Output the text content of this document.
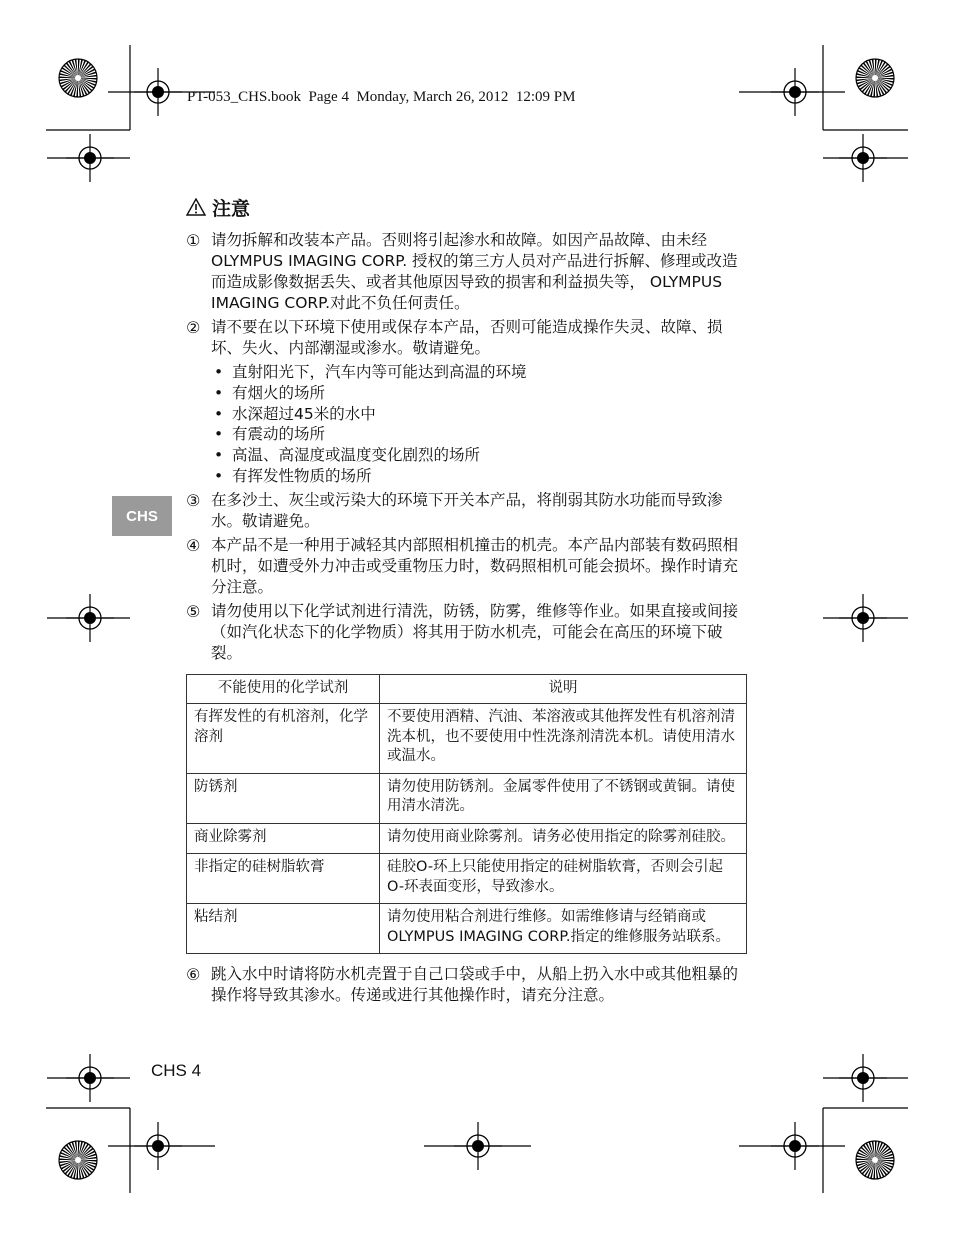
PT-053_CHS.book  Page 4  Monday, March 26, 2012  12:09 PM
CHS
注意
① 请勿拆解和改装本产品。否则将引起渗水和故障。如因产品故障、由未经OLYMPUS IMAGING CORP. 授权的第三方人员对产品进行拆解、修理或改造而造成影像数据丢失、或者其他原因导致的损害和利益损失等， OLYMPUS IMAGING CORP.对此不负任何责任。
② 请不要在以下环境下使用或保存本产品，否则可能造成操作失灵、故障、损坏、失火、内部潮湿或渗水。敬请避免。
• 直射阳光下，汽车内等可能达到高温的环境
• 有烟火的场所
• 水深超过45米的水中
• 有震动的场所
• 高温、高湿度或温度变化剧烈的场所
• 有挥发性物质的场所
③ 在多沙土、灰尘或污染大的环境下开关本产品，将削弱其防水功能而导致渗水。敬请避免。
④ 本产品不是一种用于减轻其内部照相机撞击的机壳。本产品内部装有数码照相机时，如遭受外力冲击或受重物压力时，数码照相机可能会损坏。操作时请充分注意。
⑤ 请勿使用以下化学试剂进行清洗，防锈，防雾，维修等作业。如果直接或间接 （如汽化状态下的化学物质）将其用于防水机壳，可能会在高压的环境下破裂。
不能使用的化学试剂	说明
有挥发性的有机溶剂，化学溶剂	不要使用酒精、汽油、苯溶液或其他挥发性有机溶剂清洗本机，也不要使用中性洗涤剂清洗本机。请使用清水或温水。
防锈剂	请勿使用防锈剂。金属零件使用了不锈钢或黄铜。请使用清水清洗。
商业除雾剂	请勿使用商业除雾剂。请务必使用指定的除雾剂硅胶。
非指定的硅树脂软膏	硅胶O-环上只能使用指定的硅树脂软膏，否则会引起O-环表面变形，导致渗水。
粘结剂	请勿使用粘合剂进行维修。如需维修请与经销商或OLYMPUS IMAGING CORP.指定的维修服务站联系。
⑥ 跳入水中时请将防水机壳置于自己口袋或手中，从船上扔入水中或其他粗暴的操作将导致其渗水。传递或进行其他操作时，请充分注意。
CHS 4
